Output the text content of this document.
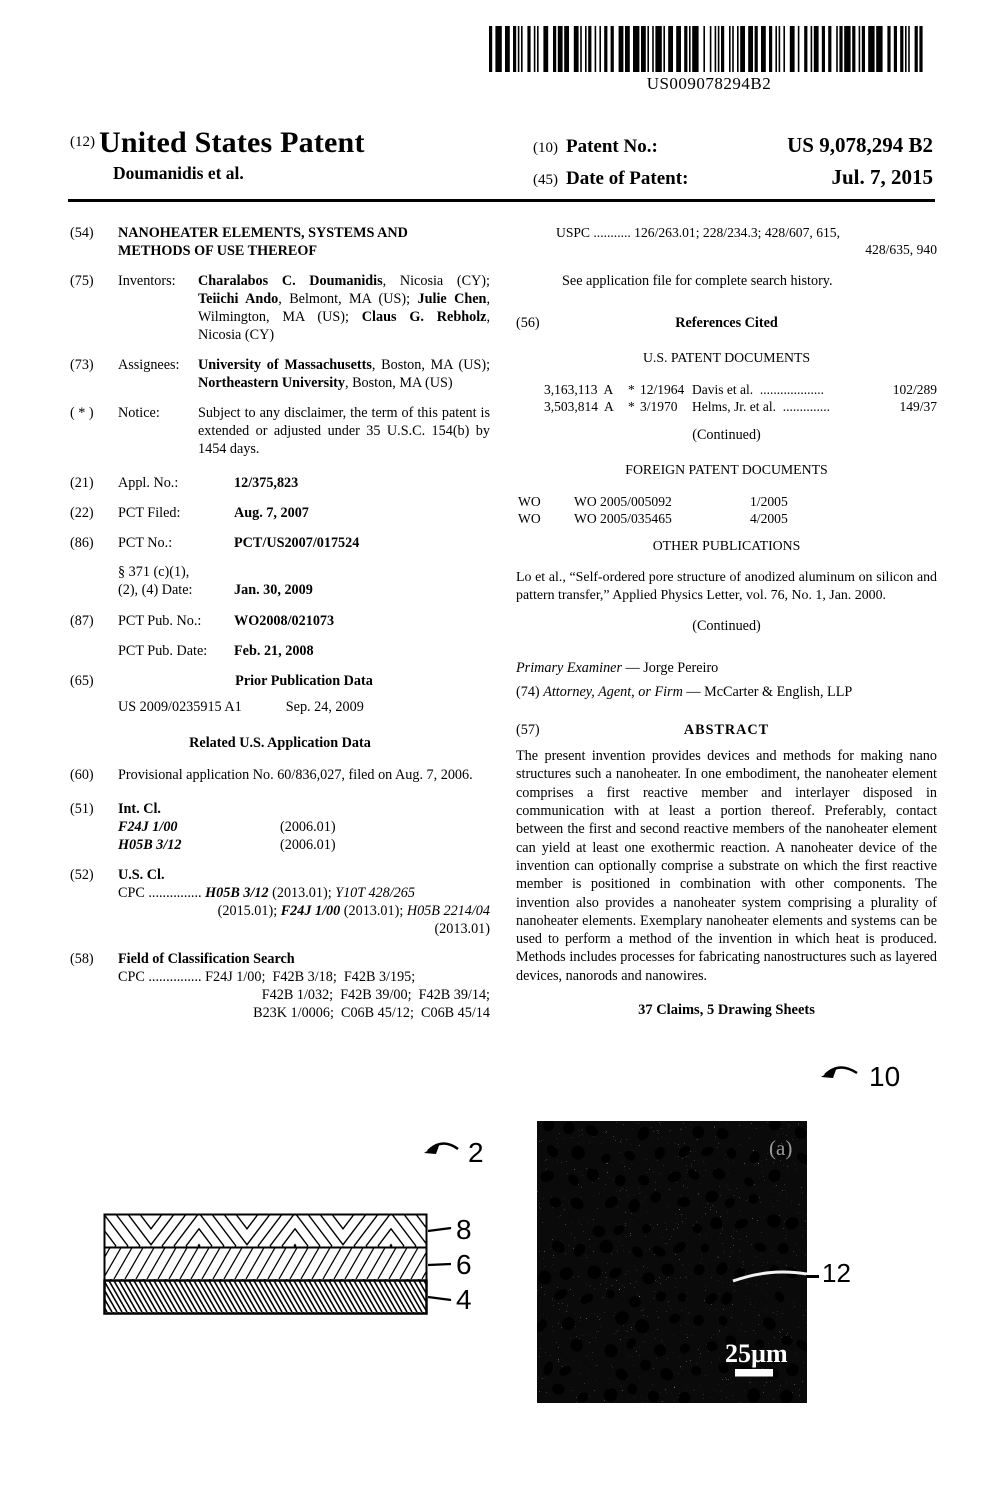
US009078294B2
(12) United States Patent
Doumanidis et al.
(10) Patent No.:	US 9,078,294 B2
(45) Date of Patent:	Jul. 7, 2015
(54)	NANOHEATER ELEMENTS, SYSTEMS AND
METHODS OF USE THEREOF
(75)	Inventors:	Charalabos C. Doumanidis, Nicosia (CY); Teiichi Ando, Belmont, MA (US); Julie Chen, Wilmington, MA (US); Claus G. Rebholz, Nicosia (CY)
(73)	Assignees:	University of Massachusetts, Boston, MA (US); Northeastern University, Boston, MA (US)
( * )	Notice:	Subject to any disclaimer, the term of this patent is extended or adjusted under 35 U.S.C. 154(b) by 1454 days.
(21)	Appl. No.:	12/375,823
(22)	PCT Filed:	Aug. 7, 2007
(86)	PCT No.:	PCT/US2007/017524
§ 371 (c)(1),
(2), (4) Date:	Jan. 30, 2009
(87)	PCT Pub. No.:	WO2008/021073
PCT Pub. Date:	Feb. 21, 2008
(65)	Prior Publication Data
US 2009/0235915 A1	Sep. 24, 2009
Related U.S. Application Data
(60)	Provisional application No. 60/836,027, filed on Aug. 7, 2006.
(51)	Int. Cl.
F24J 1/00	(2006.01)
H05B 3/12	(2006.01)
(52)	U.S. Cl.
CPC ............... H05B 3/12 (2013.01); Y10T 428/265
(2015.01); F24J 1/00 (2013.01); H05B 2214/04
(2013.01)
(58)	Field of Classification Search
CPC ............... F24J 1/00;  F42B 3/18;  F42B 3/195;
F42B 1/032;  F42B 39/00;  F42B 39/14;
B23K 1/0006;  C06B 45/12;  C06B 45/14
USPC ........... 126/263.01; 228/234.3; 428/607, 615,
428/635, 940
See application file for complete search history.
(56)	References Cited
U.S. PATENT DOCUMENTS
3,163,113  A	* 12/1964 Davis et al.  ...................	102/289
3,503,814  A	* 3/1970	Helms, Jr. et al.  ..............	149/37
(Continued)
FOREIGN PATENT DOCUMENTS
WO	WO 2005/005092	1/2005
WO	WO 2005/035465	4/2005
OTHER PUBLICATIONS

Lo et al., “Self-ordered pore structure of anodized aluminum on silicon and pattern transfer,” Applied Physics Letter, vol. 76, No. 1, Jan. 2000.

(Continued)
Primary Examiner — Jorge Pereiro
(74) Attorney, Agent, or Firm — McCarter & English, LLP
(57)	ABSTRACT

The present invention provides devices and methods for making nano structures such a nanoheater. In one embodiment, the nanoheater element comprises a first reactive member and interlayer disposed in communication with at least a portion thereof. Preferably, contact between the first and second reactive members of the nanoheater element can yield at least one exothermic reaction. A nanoheater device of the invention can optionally comprise a substrate on which the first reactive member is positioned in combination with other components. The invention also provides a nanoheater system comprising a plurality of nanoheater elements. Exemplary nanoheater elements and systems can be used to perform a method of the invention in which heat is produced. Methods includes processes for fabricating nanostructures such as layered devices, nanorods and nanowires.

37 Claims, 5 Drawing Sheets
10
2
8
6
4
(a)
25µm
12
